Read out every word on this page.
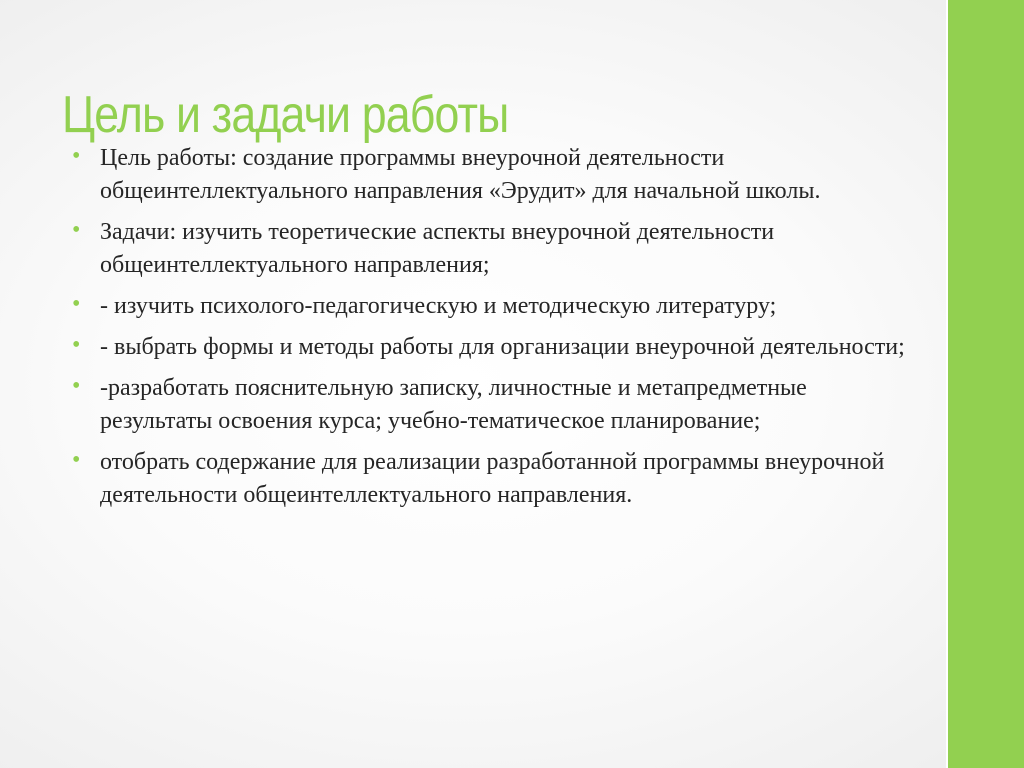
Цель и задачи работы
• Цель работы: создание программы внеурочной деятельности общеинтеллектуального направления «Эрудит» для начальной школы.
• Задачи: изучить теоретические аспекты внеурочной деятельности общеинтеллектуального направления;
• - изучить психолого-педагогическую и методическую литературу;
• - выбрать формы и методы работы для организации внеурочной деятельности;
• -разработать пояснительную записку, личностные и метапредметные результаты освоения курса; учебно-тематическое планирование;
• отобрать содержание для реализации разработанной программы внеурочной деятельности общеинтеллектуального направления.
